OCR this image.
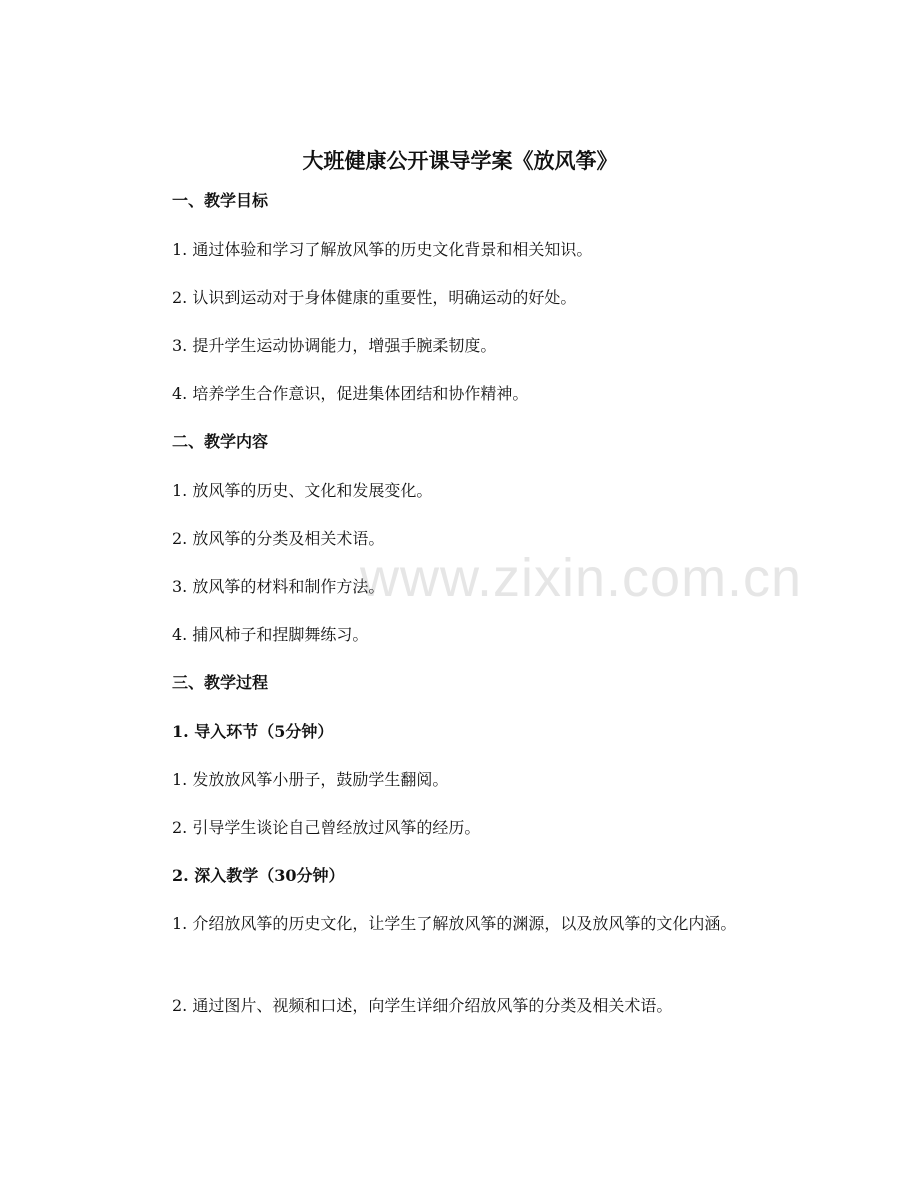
www.zixin.com.cn
大班健康公开课导学案《放风筝》

一、教学目标

1. 通过体验和学习了解放风筝的历史文化背景和相关知识。

2. 认识到运动对于身体健康的重要性，明确运动的好处。

3. 提升学生运动协调能力，增强手腕柔韧度。

4. 培养学生合作意识，促进集体团结和协作精神。

二、教学内容

1. 放风筝的历史、文化和发展变化。

2. 放风筝的分类及相关术语。

3. 放风筝的材料和制作方法。

4. 捕风柿子和捏脚舞练习。

三、教学过程

1. 导入环节（5分钟）

1. 发放放风筝小册子，鼓励学生翻阅。

2. 引导学生谈论自己曾经放过风筝的经历。

2. 深入教学（30分钟）

1. 介绍放风筝的历史文化，让学生了解放风筝的渊源，以及放风筝的文化内涵。

2. 通过图片、视频和口述，向学生详细介绍放风筝的分类及相关术语。
